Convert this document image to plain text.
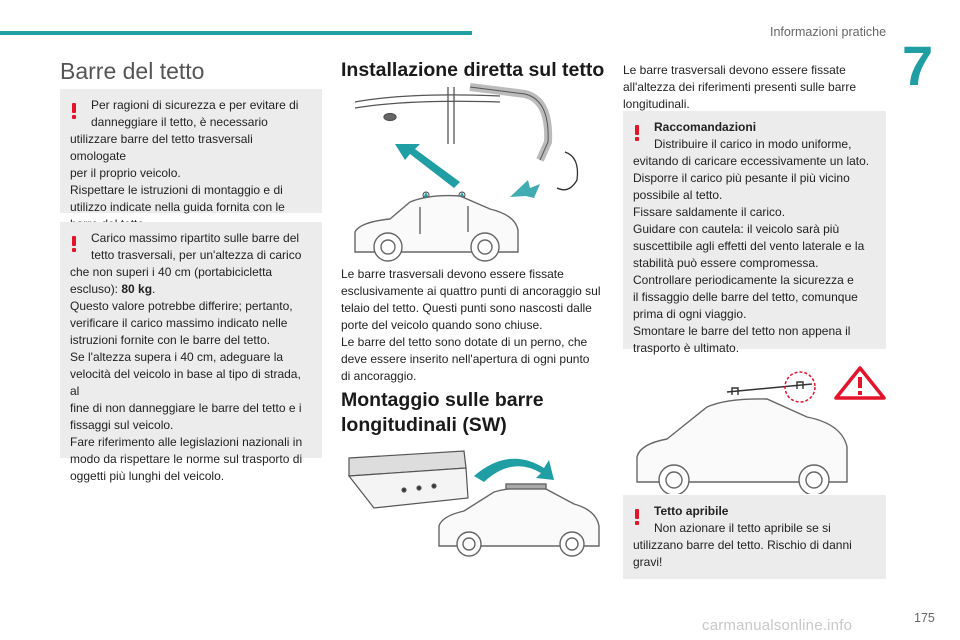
Informazioni pratiche
7
Barre del tetto

Per ragioni di sicurezza e per evitare di

danneggiare il tetto, è necessario

utilizzare barre del tetto trasversali omologate

per il proprio veicolo.

Rispettare le istruzioni di montaggio e di

utilizzo indicate nella guida fornita con le

Carico massimo ripartito sulle barre del

tetto trasversali, per un'altezza di carico

che non superi i 40 cm (portabicicletta

escluso): 80 kg.

Questo valore potrebbe differire; pertanto,

verificare il carico massimo indicato nelle

istruzioni fornite con le barre del tetto.

Se l'altezza supera i 40 cm, adeguare la

velocità del veicolo in base al tipo di strada, al

fine di non danneggiare le barre del tetto e i

fissaggi sul veicolo.

Fare riferimento alle legislazioni nazionali in

modo da rispettare le norme sul trasporto di

oggetti più lunghi del veicolo.

Installazione diretta sul tetto

Le barre trasversali devono essere fissate

esclusivamente ai quattro punti di ancoraggio sul

telaio del tetto. Questi punti sono nascosti dalle

porte del veicolo quando sono chiuse.

Le barre del tetto sono dotate di un perno, che

deve essere inserito nell'apertura di ogni punto

di ancoraggio.

Montaggio sulle barre
longitudinali (SW)

Le barre trasversali devono essere fissate

all'altezza dei riferimenti presenti sulle barre

longitudinali.

Raccomandazioni

Distribuire il carico in modo uniforme,

evitando di caricare eccessivamente un lato.

Disporre il carico più pesante il più vicino

possibile al tetto.

Fissare saldamente il carico.

Guidare con cautela: il veicolo sarà più

suscettibile agli effetti del vento laterale e la

stabilità può essere compromessa.

Controllare periodicamente la sicurezza e

il fissaggio delle barre del tetto, comunque

prima di ogni viaggio.

Smontare le barre del tetto non appena il

trasporto è ultimato.

Tetto apribile

Non azionare il tetto apribile se si

utilizzano barre del tetto. Rischio di danni

gravi!

carmanualsonline.info	175
